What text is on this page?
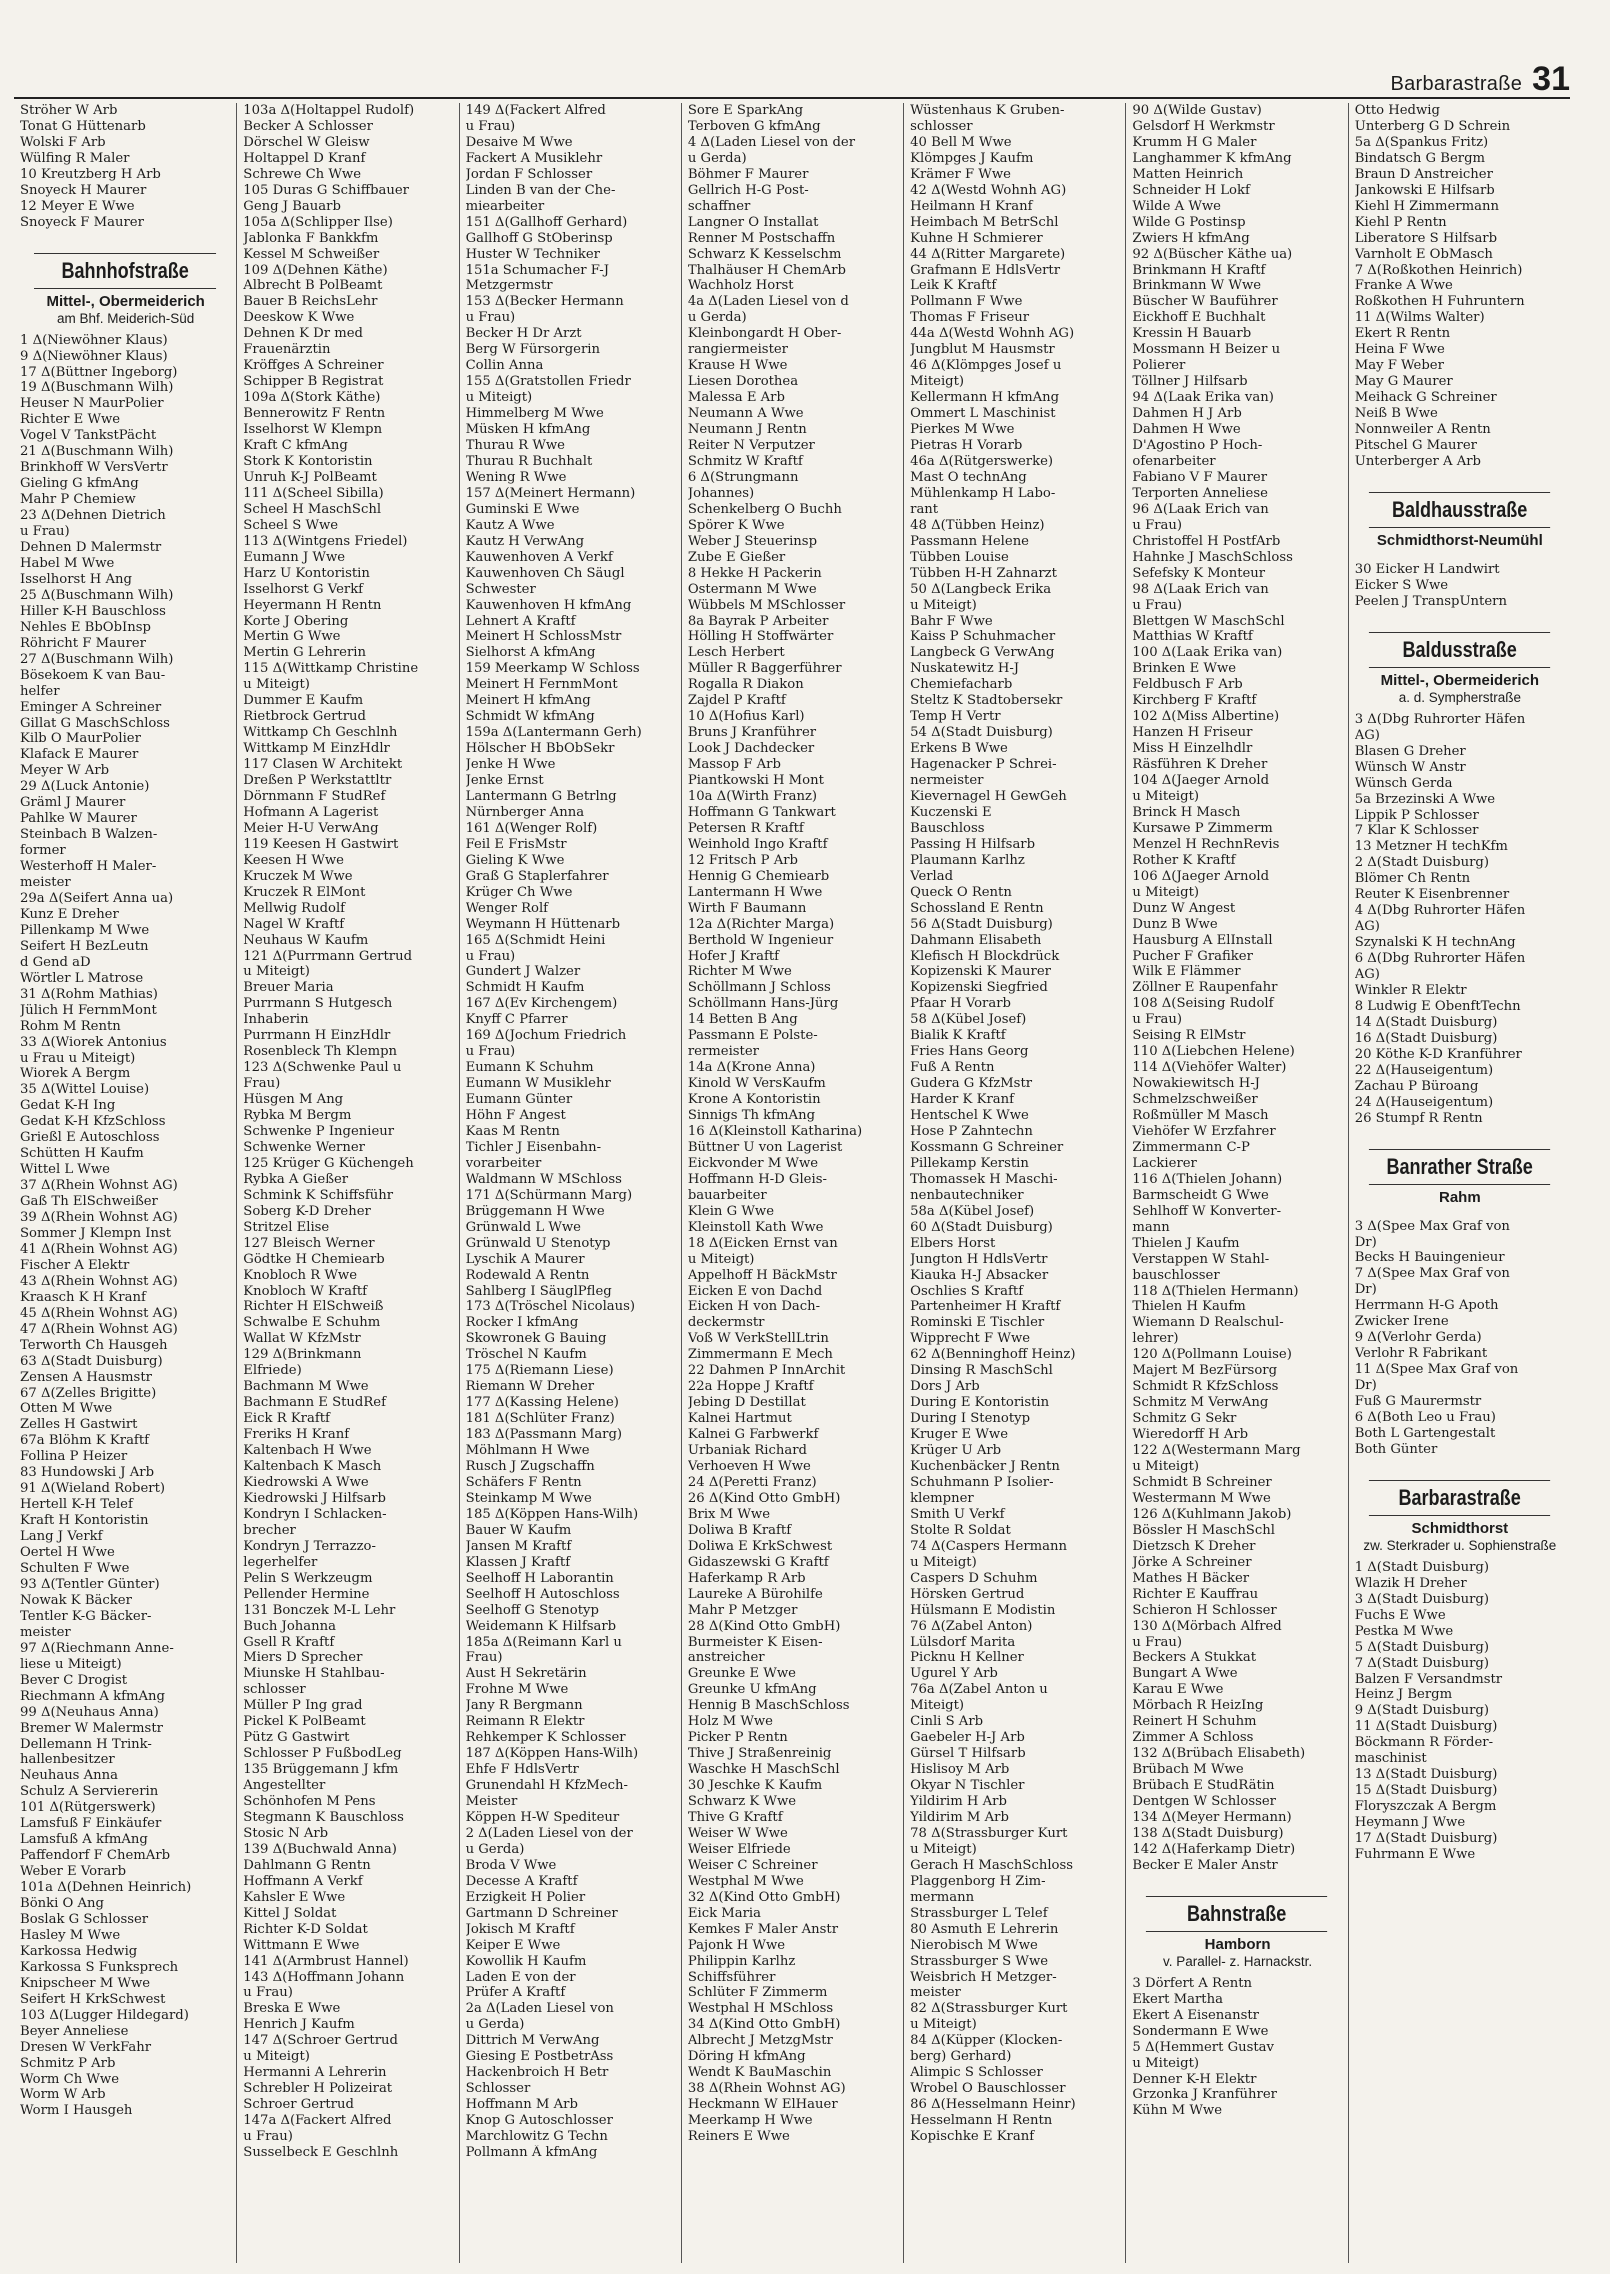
Barbarastraße 31
Ströher W Arb
Tonat G Hüttenarb
Wolski F Arb
Wülfing R Maler
10 Kreutzberg H Arb
Snoyeck H Maurer
12 Meyer E Wwe
Snoyeck F Maurer
Bahnhofstraße
Mittel-, Obermeiderich
am Bhf. Meiderich-Süd
1 Δ(Niewöhner Klaus)
9 Δ(Niewöhner Klaus)
17 Δ(Büttner Ingeborg)
19 Δ(Buschmann Wilh)
Heuser N MaurPolier
Richter E Wwe
Vogel V TankstPächt
21 Δ(Buschmann Wilh)
Brinkhoff W VersVertr
Gieling G kfmAng
Mahr P Chemiew
23 Δ(Dehnen Dietrich
u Frau)
Dehnen D Malermstr
Habel M Wwe
Isselhorst H Ang
25 Δ(Buschmann Wilh)
Hiller K-H Bauschloss
Nehles E BbObInsp
Röhricht F Maurer
27 Δ(Buschmann Wilh)
Bösekoem K van Bau-
helfer
Eminger A Schreiner
Gillat G MaschSchloss
Kilb O MaurPolier
Klafack E Maurer
Meyer W Arb
29 Δ(Luck Antonie)
Gräml J Maurer
Pahlke W Maurer
Steinbach B Walzen-
former
Westerhoff H Maler-
meister
29a Δ(Seifert Anna ua)
Kunz E Dreher
Pillenkamp M Wwe
Seifert H BezLeutn
d Gend aD
Wörtler L Matrose
31 Δ(Rohm Mathias)
Jülich H FernmMont
Rohm M Rentn
33 Δ(Wiorek Antonius
u Frau u Miteigt)
Wiorek A Bergm
35 Δ(Wittel Louise)
Gedat K-H Ing
Gedat K-H KfzSchloss
Grießl E Autoschloss
Schütten H Kaufm
Wittel L Wwe
37 Δ(Rhein Wohnst AG)
Gaß Th ElSchweißer
39 Δ(Rhein Wohnst AG)
Sommer J Klempn Inst
41 Δ(Rhein Wohnst AG)
Fischer A Elektr
43 Δ(Rhein Wohnst AG)
Kraasch K H Kranf
45 Δ(Rhein Wohnst AG)
47 Δ(Rhein Wohnst AG)
Terworth Ch Hausgeh
63 Δ(Stadt Duisburg)
Zensen A Hausmstr
67 Δ(Zelles Brigitte)
Otten M Wwe
Zelles H Gastwirt
67a Blöhm K Kraftf
Follina P Heizer
83 Hundowski J Arb
91 Δ(Wieland Robert)
Hertell K-H Telef
Kraft H Kontoristin
Lang J Verkf
Oertel H Wwe
Schulten F Wwe
93 Δ(Tentler Günter)
Nowak K Bäcker
Tentler K-G Bäcker-
meister
97 Δ(Riechmann Anne-
liese u Miteigt)
Bever C Drogist
Riechmann A kfmAng
99 Δ(Neuhaus Anna)
Bremer W Malermstr
Dellemann H Trink-
hallenbesitzer
Neuhaus Anna
Schulz A Serviererin
101 Δ(Rütgerswerk)
Lamsfuß F Einkäufer
Lamsfuß A kfmAng
Paffendorf F ChemArb
Weber E Vorarb
101a Δ(Dehnen Heinrich)
Bönki O Ang
Boslak G Schlosser
Hasley M Wwe
Karkossa Hedwig
Karkossa S Funksprech
Knipscheer M Wwe
Seifert H KrkSchwest
103 Δ(Lugger Hildegard)
Beyer Anneliese
Dresen W VerkFahr
Schmitz P Arb
Worm Ch Wwe
Worm W Arb
Worm I Hausgeh
103a Δ(Holtappel Rudolf)
Becker A Schlosser
Dörschel W Gleisw
Holtappel D Kranf
Schrewe Ch Wwe
105 Duras G Schiffbauer
Geng J Bauarb
105a Δ(Schlipper Ilse)
Jablonka F Bankkfm
Kessel M Schweißer
109 Δ(Dehnen Käthe)
Albrecht B PolBeamt
Bauer B ReichsLehr
Deeskow K Wwe
Dehnen K Dr med
Frauenärztin
Kröffges A Schreiner
Schipper B Registrat
109a Δ(Stork Käthe)
Bennerowitz F Rentn
Isselhorst W Klempn
Kraft C kfmAng
Stork K Kontoristin
Unruh K-J PolBeamt
111 Δ(Scheel Sibilla)
Scheel H MaschSchl
Scheel S Wwe
113 Δ(Wintgens Friedel)
Eumann J Wwe
Harz U Kontoristin
Isselhorst G Verkf
Heyermann H Rentn
Korte J Obering
Mertin G Wwe
Mertin G Lehrerin
115 Δ(Wittkamp Christine
u Miteigt)
Dummer E Kaufm
Rietbrock Gertrud
Wittkamp Ch Geschlnh
Wittkamp M EinzHdlr
117 Clasen W Architekt
Dreßen P Werkstattltr
Dörnmann F StudRef
Hofmann A Lagerist
Meier H-U VerwAng
119 Keesen H Gastwirt
Keesen H Wwe
Kruczek M Wwe
Kruczek R ElMont
Mellwig Rudolf
Nagel W Kraftf
Neuhaus W Kaufm
121 Δ(Purrmann Gertrud
u Miteigt)
Breuer Maria
Purrmann S Hutgesch
Inhaberin
Purrmann H EinzHdlr
Rosenbleck Th Klempn
123 Δ(Schwenke Paul u
Frau)
Hüsgen M Ang
Rybka M Bergm
Schwenke P Ingenieur
Schwenke Werner
125 Krüger G Küchengeh
Rybka A Gießer
Schmink K Schiffsführ
Soberg K-D Dreher
Stritzel Elise
127 Bleisch Werner
Gödtke H Chemiearb
Knobloch R Wwe
Knobloch W Kraftf
Richter H ElSchweiß
Schwalbe E Schuhm
Wallat W KfzMstr
129 Δ(Brinkmann
Elfriede)
Bachmann M Wwe
Bachmann E StudRef
Eick R Kraftf
Freriks H Kranf
Kaltenbach H Wwe
Kaltenbach K Masch
Kiedrowski A Wwe
Kiedrowski J Hilfsarb
Kondryn I Schlacken-
brecher
Kondryn J Terrazzo-
legerhelfer
Pelin S Werkzeugm
Pellender Hermine
131 Bonczek M-L Lehr
Buch Johanna
Gsell R Kraftf
Miers D Sprecher
Miunske H Stahlbau-
schlosser
Müller P Ing grad
Pickel K PolBeamt
Pütz G Gastwirt
Schlosser P FußbodLeg
135 Brüggemann J kfm
Angestellter
Schönhofen M Pens
Stegmann K Bauschloss
Stosic N Arb
139 Δ(Buchwald Anna)
Dahlmann G Rentn
Hoffmann A Verkf
Kahsler E Wwe
Kittel J Soldat
Richter K-D Soldat
Wittmann E Wwe
141 Δ(Armbrust Hannel)
143 Δ(Hoffmann Johann
u Frau)
Breska E Wwe
Henrich J Kaufm
147 Δ(Schroer Gertrud
u Miteigt)
Hermanni A Lehrerin
Schrebler H Polizeirat
Schroer Gertrud
147a Δ(Fackert Alfred
u Frau)
Susselbeck E Geschlnh
149 Δ(Fackert Alfred
u Frau)
Desaive M Wwe
Fackert A Musiklehr
Jordan F Schlosser
Linden B van der Che-
miearbeiter
151 Δ(Gallhoff Gerhard)
Gallhoff G StOberinsp
Huster W Techniker
151a Schumacher F-J
Metzgermstr
153 Δ(Becker Hermann
u Frau)
Becker H Dr Arzt
Berg W Fürsorgerin
Collin Anna
155 Δ(Gratstollen Friedr
u Miteigt)
Himmelberg M Wwe
Müsken H kfmAng
Thurau R Wwe
Thurau R Buchhalt
Wening R Wwe
157 Δ(Meinert Hermann)
Guminski E Wwe
Kautz A Wwe
Kautz H VerwAng
Kauwenhoven A Verkf
Kauwenhoven Ch Säugl
Schwester
Kauwenhoven H kfmAng
Lehnert A Kraftf
Meinert H SchlossMstr
Sielhorst A kfmAng
159 Meerkamp W Schloss
Meinert H FernmMont
Meinert H kfmAng
Schmidt W kfmAng
159a Δ(Lantermann Gerh)
Hölscher H BbObSekr
Jenke H Wwe
Jenke Ernst
Lantermann G Betrlng
Nürnberger Anna
161 Δ(Wenger Rolf)
Feil E FrisMstr
Gieling K Wwe
Graß G Staplerfahrer
Krüger Ch Wwe
Wenger Rolf
Weymann H Hüttenarb
165 Δ(Schmidt Heini
u Frau)
Gundert J Walzer
Schmidt H Kaufm
167 Δ(Ev Kirchengem)
Knyff C Pfarrer
169 Δ(Jochum Friedrich
u Frau)
Eumann K Schuhm
Eumann W Musiklehr
Eumann Günter
Höhn F Angest
Kaas M Rentn
Tichler J Eisenbahn-
vorarbeiter
Waldmann W MSchloss
171 Δ(Schürmann Marg)
Brüggemann H Wwe
Grünwald L Wwe
Grünwald U Stenotyp
Lyschik A Maurer
Rodewald A Rentn
Sahlberg I SäuglPfleg
173 Δ(Tröschel Nicolaus)
Rocker I kfmAng
Skowronek G Bauing
Tröschel N Kaufm
175 Δ(Riemann Liese)
Riemann W Dreher
177 Δ(Kassing Helene)
181 Δ(Schlüter Franz)
183 Δ(Passmann Marg)
Möhlmann H Wwe
Rusch J Zugschaffn
Schäfers F Rentn
Steinkamp M Wwe
185 Δ(Köppen Hans-Wilh)
Bauer W Kaufm
Jansen M Kraftf
Klassen J Kraftf
Seelhoff H Laborantin
Seelhoff H Autoschloss
Seelhoff G Stenotyp
Weidemann K Hilfsarb
185a Δ(Reimann Karl u
Frau)
Aust H Sekretärin
Frohne M Wwe
Jany R Bergmann
Reimann R Elektr
Rehkemper K Schlosser
187 Δ(Köppen Hans-Wilh)
Ehfe F HdlsVertr
Grunendahl H KfzMech-
Meister
Köppen H-W Spediteur
2 Δ(Laden Liesel von der
u Gerda)
Broda V Wwe
Decesse A Kraftf
Erzigkeit H Polier
Gartmann D Schreiner
Jokisch M Kraftf
Keiper E Wwe
Kowollik H Kaufm
Laden E von der
Prüfer A Kraftf
2a Δ(Laden Liesel von
u Gerda)
Dittrich M VerwAng
Giesing E PostbetrAss
Hackenbroich H Betr
Schlosser
Hoffmann M Arb
Knop G Autoschlosser
Marchlowitz G Techn
Pollmann Ä kfmAng
Sore E SparkAng
Terboven G kfmAng
4 Δ(Laden Liesel von der
u Gerda)
Böhmer F Maurer
Gellrich H-G Post-
schaffner
Langner O Installat
Renner M Postschaffn
Schwarz K Kesselschm
Thalhäuser H ChemArb
Wachholz Horst
4a Δ(Laden Liesel von d
u Gerda)
Kleinbongardt H Ober-
rangiermeister
Krause H Wwe
Liesen Dorothea
Malessa E Arb
Neumann A Wwe
Neumann J Rentn
Reiter N Verputzer
Schmitz W Kraftf
6 Δ(Strungmann
Johannes)
Schenkelberg O Buchh
Spörer K Wwe
Weber J Steuerinsp
Zube E Gießer
8 Hekke H Packerin
Ostermann M Wwe
Wübbels M MSchlosser
8a Bayrak P Arbeiter
Hölling H Stoffwärter
Lesch Herbert
Müller R Baggerführer
Rogalla R Diakon
Zajdel P Kraftf
10 Δ(Hofius Karl)
Bruns J Kranführer
Look J Dachdecker
Massop F Arb
Piantkowski H Mont
10a Δ(Wirth Franz)
Hoffmann G Tankwart
Petersen R Kraftf
Weinhold Ingo Kraftf
12 Fritsch P Arb
Hennig G Chemiearb
Lantermann H Wwe
Wirth F Baumann
12a Δ(Richter Marga)
Berthold W Ingenieur
Hofer J Kraftf
Richter M Wwe
Schöllmann J Schloss
Schöllmann Hans-Jürg
14 Betten B Ang
Passmann E Polste-
rermeister
14a Δ(Krone Anna)
Kinold W VersKaufm
Krone A Kontoristin
Sinnigs Th kfmAng
16 Δ(Kleinstoll Katharina)
Büttner U von Lagerist
Eickvonder M Wwe
Hoffmann H-D Gleis-
bauarbeiter
Klein G Wwe
Kleinstoll Kath Wwe
18 Δ(Eicken Ernst van
u Miteigt)
Appelhoff H BäckMstr
Eicken E von Dachd
Eicken H von Dach-
deckermstr
Voß W VerkStellLtrin
Zimmermann E Mech
22 Dahmen P InnArchit
22a Hoppe J Kraftf
Jebing D Destillat
Kalnei Hartmut
Kalnei G Farbwerkf
Urbaniak Richard
Verhoeven H Wwe
24 Δ(Peretti Franz)
26 Δ(Kind Otto GmbH)
Brix M Wwe
Doliwa B Kraftf
Doliwa E KrkSchwest
Gidaszewski G Kraftf
Haferkamp R Arb
Laureke A Bürohilfe
Mahr P Metzger
28 Δ(Kind Otto GmbH)
Burmeister K Eisen-
anstreicher
Greunke E Wwe
Greunke U kfmAng
Hennig B MaschSchloss
Holz M Wwe
Picker P Rentn
Thive J Straßenreinig
Waschke H MaschSchl
30 Jeschke K Kaufm
Schwarz K Wwe
Thive G Kraftf
Weiser W Wwe
Weiser Elfriede
Weiser C Schreiner
Westphal M Wwe
32 Δ(Kind Otto GmbH)
Eick Maria
Kemkes F Maler Anstr
Pajonk H Wwe
Philippin Karlhz
Schiffsführer
Schlüter F Zimmerm
Westphal H MSchloss
34 Δ(Kind Otto GmbH)
Albrecht J MetzgMstr
Döring H kfmAng
Wendt K BauMaschin
38 Δ(Rhein Wohnst AG)
Heckmann W ElHauer
Meerkamp H Wwe
Reiners E Wwe
Wüstenhaus K Gruben-
schlosser
40 Bell M Wwe
Klömpges J Kaufm
Krämer F Wwe
42 Δ(Westd Wohnh AG)
Heilmann H Kranf
Heimbach M BetrSchl
Kuhne H Schmierer
44 Δ(Ritter Margarete)
Grafmann E HdlsVertr
Leik K Kraftf
Pollmann F Wwe
Thomas F Friseur
44a Δ(Westd Wohnh AG)
Jungblut M Hausmstr
46 Δ(Klömpges Josef u
Miteigt)
Kellermann H kfmAng
Ommert L Maschinist
Pierkes M Wwe
Pietras H Vorarb
46a Δ(Rütgerswerke)
Mast O technAng
Mühlenkamp H Labo-
rant
48 Δ(Tübben Heinz)
Passmann Helene
Tübben Louise
Tübben H-H Zahnarzt
50 Δ(Langbeck Erika
u Miteigt)
Bahr F Wwe
Kaiss P Schuhmacher
Langbeck G VerwAng
Nuskatewitz H-J
Chemiefacharb
Steltz K Stadtobersekr
Temp H Vertr
54 Δ(Stadt Duisburg)
Erkens B Wwe
Hagenacker P Schrei-
nermeister
Kievernagel H GewGeh
Kuczenski E
Bauschloss
Passing H Hilfsarb
Plaumann Karlhz
Verlad
Queck O Rentn
Schossland E Rentn
56 Δ(Stadt Duisburg)
Dahmann Elisabeth
Klefisch H Blockdrück
Kopizenski K Maurer
Kopizenski Siegfried
Pfaar H Vorarb
58 Δ(Kübel Josef)
Bialik K Kraftf
Fries Hans Georg
Fuß A Rentn
Gudera G KfzMstr
Harder K Kranf
Hentschel K Wwe
Hose P Zahntechn
Kossmann G Schreiner
Pillekamp Kerstin
Thomassek H Maschi-
nenbautechniker
58a Δ(Kübel Josef)
60 Δ(Stadt Duisburg)
Elbers Horst
Jungton H HdlsVertr
Kiauka H-J Absacker
Oschlies S Kraftf
Partenheimer H Kraftf
Rominski E Tischler
Wipprecht F Wwe
62 Δ(Benninghoff Heinz)
Dinsing R MaschSchl
Dors J Arb
During E Kontoristin
During I Stenotyp
Kruger E Wwe
Krüger U Arb
Kuchenbäcker J Rentn
Schuhmann P Isolier-
klempner
Smith U Verkf
Stolte R Soldat
74 Δ(Caspers Hermann
u Miteigt)
Caspers D Schuhm
Hörsken Gertrud
Hülsmann E Modistin
76 Δ(Zabel Anton)
Lülsdorf Marita
Picknu H Kellner
Ugurel Y Arb
76a Δ(Zabel Anton u
Miteigt)
Cinli S Arb
Gaebeler H-J Arb
Gürsel T Hilfsarb
Hislisoy M Arb
Okyar N Tischler
Yildirim H Arb
Yildirim M Arb
78 Δ(Strassburger Kurt
u Miteigt)
Gerach H MaschSchloss
Plaggenborg H Zim-
mermann
Strassburger L Telef
80 Asmuth E Lehrerin
Nierobisch M Wwe
Strassburger S Wwe
Weisbrich H Metzger-
meister
82 Δ(Strassburger Kurt
u Miteigt)
84 Δ(Küpper (Klocken-
berg) Gerhard)
Alimpic S Schlosser
Wrobel O Bauschlosser
86 Δ(Hesselmann Heinr)
Hesselmann H Rentn
Kopischke E Kranf
90 Δ(Wilde Gustav)
Gelsdorf H Werkmstr
Krumm H G Maler
Langhammer K kfmAng
Matten Heinrich
Schneider H Lokf
Wilde A Wwe
Wilde G Postinsp
Zwiers H kfmAng
92 Δ(Büscher Käthe ua)
Brinkmann H Kraftf
Brinkmann W Wwe
Büscher W Bauführer
Eickhoff E Buchhalt
Kressin H Bauarb
Mossmann H Beizer u
Polierer
Töllner J Hilfsarb
94 Δ(Laak Erika van)
Dahmen H J Arb
Dahmen H Wwe
D'Agostino P Hoch-
ofenarbeiter
Fabiano V F Maurer
Terporten Anneliese
96 Δ(Laak Erich van
u Frau)
Christoffel H PostfArb
Hahnke J MaschSchloss
Sefefsky K Monteur
98 Δ(Laak Erich van
u Frau)
Blettgen W MaschSchl
Matthias W Kraftf
100 Δ(Laak Erika van)
Brinken E Wwe
Feldbusch F Arb
Kirchberg F Kraftf
102 Δ(Miss Albertine)
Hanzen H Friseur
Miss H Einzelhdlr
Räsführen K Dreher
104 Δ(Jaeger Arnold
u Miteigt)
Brinck H Masch
Kursawe P Zimmerm
Menzel H RechnRevis
Rother K Kraftf
106 Δ(Jaeger Arnold
u Miteigt)
Dunz W Angest
Dunz B Wwe
Hausburg A ElInstall
Pucher F Grafiker
Wilk E Flämmer
Zöllner E Raupenfahr
108 Δ(Seising Rudolf
u Frau)
Seising R ElMstr
110 Δ(Liebchen Helene)
114 Δ(Viehöfer Walter)
Nowakiewitsch H-J
Schmelzschweißer
Roßmüller M Masch
Viehöfer W Erzfahrer
Zimmermann C-P
Lackierer
116 Δ(Thielen Johann)
Barmscheidt G Wwe
Sehlhoff W Konverter-
mann
Thielen J Kaufm
Verstappen W Stahl-
bauschlosser
118 Δ(Thielen Hermann)
Thielen H Kaufm
Wiemann D Realschul-
lehrer)
120 Δ(Pollmann Louise)
Majert M BezFürsorg
Schmidt R KfzSchloss
Schmitz M VerwAng
Schmitz G Sekr
Wieredorff H Arb
122 Δ(Westermann Marg
u Miteigt)
Schmidt B Schreiner
Westermann M Wwe
126 Δ(Kuhlmann Jakob)
Bössler H MaschSchl
Dietzsch K Dreher
Jörke A Schreiner
Mathes H Bäcker
Richter E Kauffrau
Schieron H Schlosser
130 Δ(Mörbach Alfred
u Frau)
Beckers A Stukkat
Bungart A Wwe
Karau E Wwe
Mörbach R HeizIng
Reinert H Schuhm
Zimmer A Schloss
132 Δ(Brübach Elisabeth)
Brübach M Wwe
Brübach E StudRätin
Dentgen W Schlosser
134 Δ(Meyer Hermann)
138 Δ(Stadt Duisburg)
142 Δ(Haferkamp Dietr)
Becker E Maler Anstr
Bahnstraße
Hamborn
v. Parallel- z. Harnackstr.
3 Dörfert A Rentn
Ekert Martha
Ekert A Eisenanstr
Sondermann E Wwe
5 Δ(Hemmert Gustav
u Miteigt)
Denner K-H Elektr
Grzonka J Kranführer
Kühn M Wwe
Otto Hedwig
Unterberg G D Schrein
5a Δ(Spankus Fritz)
Bindatsch G Bergm
Braun D Anstreicher
Jankowski E Hilfsarb
Kiehl H Zimmermann
Kiehl P Rentn
Liberatore S Hilfsarb
Varnholt E ObMasch
7 Δ(Roßkothen Heinrich)
Franke A Wwe
Roßkothen H Fuhruntern
11 Δ(Wilms Walter)
Ekert R Rentn
Heina F Wwe
May F Weber
May G Maurer
Meihack G Schreiner
Neiß B Wwe
Nonnweiler A Rentn
Pitschel G Maurer
Unterberger A Arb
Baldhausstraße
Schmidthorst-Neumühl
30 Eicker H Landwirt
Eicker S Wwe
Peelen J TranspUntern
Baldusstraße
Mittel-, Obermeiderich
a. d. Sympherstraße
3 Δ(Dbg Ruhrorter Häfen
AG)
Blasen G Dreher
Wünsch W Anstr
Wünsch Gerda
5a Brzezinski A Wwe
Lippik P Schlosser
7 Klar K Schlosser
13 Metzner H techKfm
2 Δ(Stadt Duisburg)
Blömer Ch Rentn
Reuter K Eisenbrenner
4 Δ(Dbg Ruhrorter Häfen
AG)
Szynalski K H technAng
6 Δ(Dbg Ruhrorter Häfen
AG)
Winkler R Elektr
8 Ludwig E ObenftTechn
14 Δ(Stadt Duisburg)
16 Δ(Stadt Duisburg)
20 Köthe K-D Kranführer
22 Δ(Hauseigentum)
Zachau P Büroang
24 Δ(Hauseigentum)
26 Stumpf R Rentn
Banrather Straße
Rahm
3 Δ(Spee Max Graf von
Dr)
Becks H Bauingenieur
7 Δ(Spee Max Graf von
Dr)
Herrmann H-G Apoth
Zwicker Irene
9 Δ(Verlohr Gerda)
Verlohr R Fabrikant
11 Δ(Spee Max Graf von
Dr)
Fuß G Maurermstr
6 Δ(Both Leo u Frau)
Both L Gartengestalt
Both Günter
Barbarastraße
Schmidthorst
zw. Sterkrader u. Sophienstraße
1 Δ(Stadt Duisburg)
Wlazik H Dreher
3 Δ(Stadt Duisburg)
Fuchs E Wwe
Pestka M Wwe
5 Δ(Stadt Duisburg)
7 Δ(Stadt Duisburg)
Balzen F Versandmstr
Heinz J Bergm
9 Δ(Stadt Duisburg)
11 Δ(Stadt Duisburg)
Böckmann R Förder-
maschinist
13 Δ(Stadt Duisburg)
15 Δ(Stadt Duisburg)
Floryszczak A Bergm
Heymann J Wwe
17 Δ(Stadt Duisburg)
Fuhrmann E Wwe
